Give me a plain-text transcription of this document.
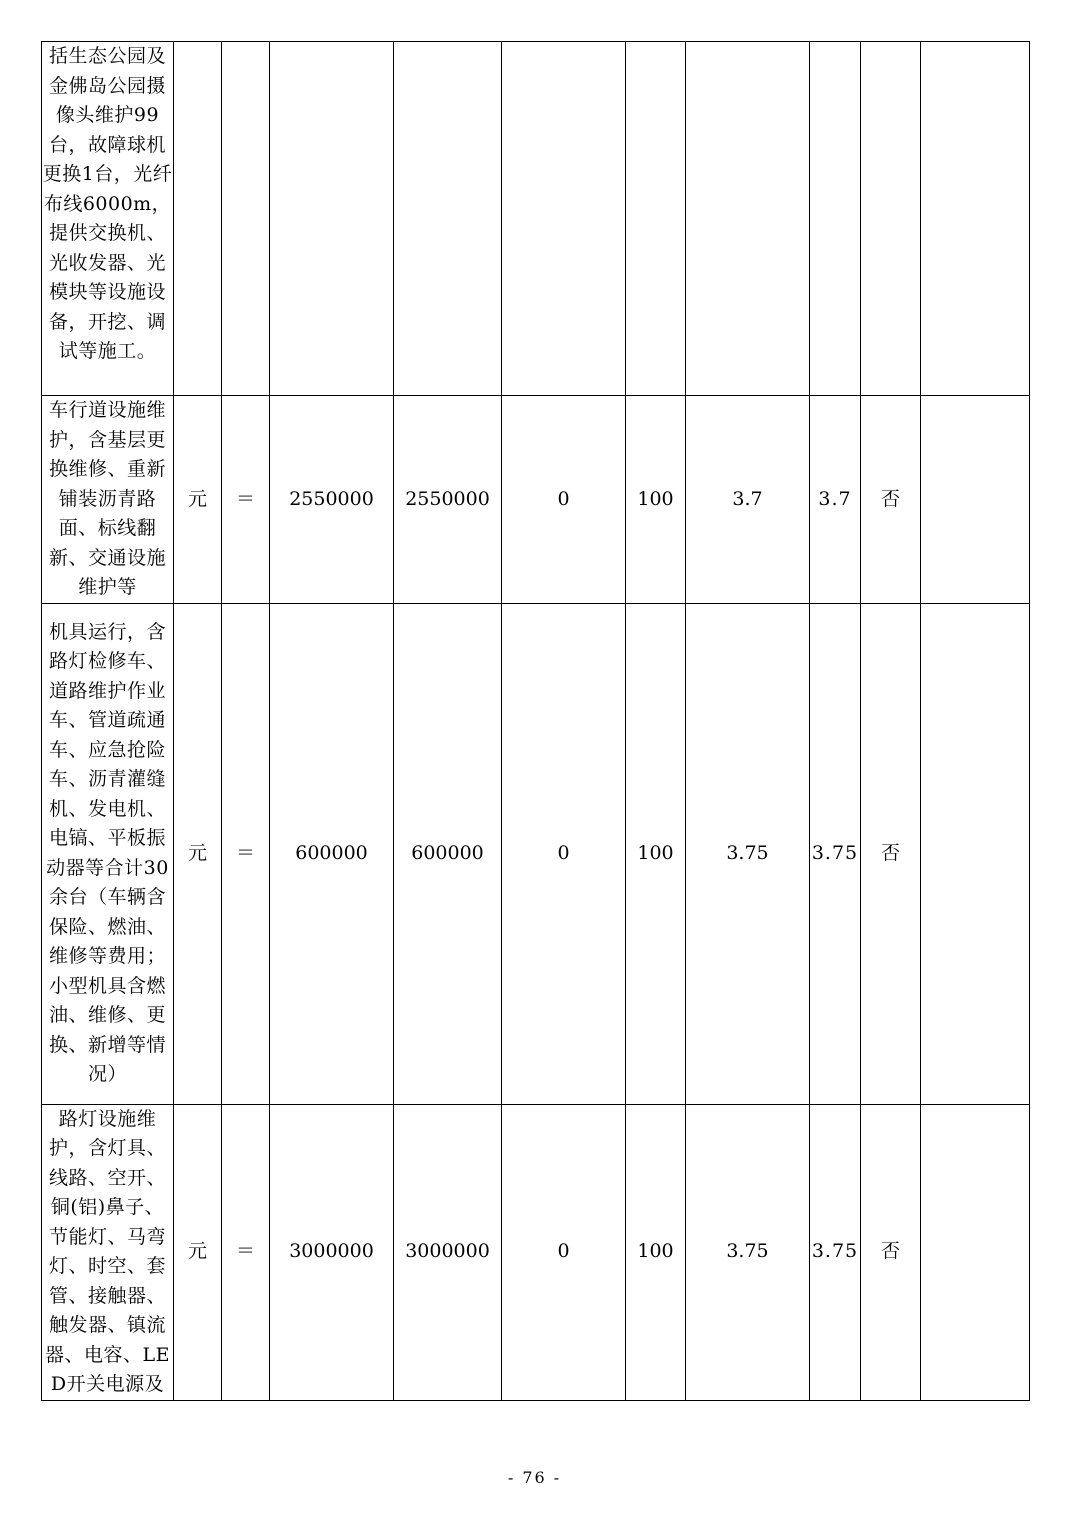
括生态公园及金佛岛公园摄像头维护99台，故障球机更换1台，光纤布线6000m，提供交换机、光收发器、光模块等设施设备，开挖、调试等施工。										

车行道设施维护，含基层更换维修、重新铺装沥青路面、标线翻新、交通设施维护等	元	＝	2550000	2550000	0	100	3.7	3.7	否	

机具运行，含路灯检修车、道路维护作业车、管道疏通车、应急抢险车、沥青灌缝机、发电机、电镐、平板振动器等合计30余台（车辆含保险、燃油、维修等费用；小型机具含燃油、维修、更换、新增等情况）	元	＝	600000	600000	0	100	3.75	3.75	否	

路灯设施维护，含灯具、线路、空开、铜(铝)鼻子、节能灯、马弯灯、时空、套管、接触器、触发器、镇流器、电容、LED开关电源及	元	＝	3000000	3000000	0	100	3.75	3.75	否	
- 76 -
